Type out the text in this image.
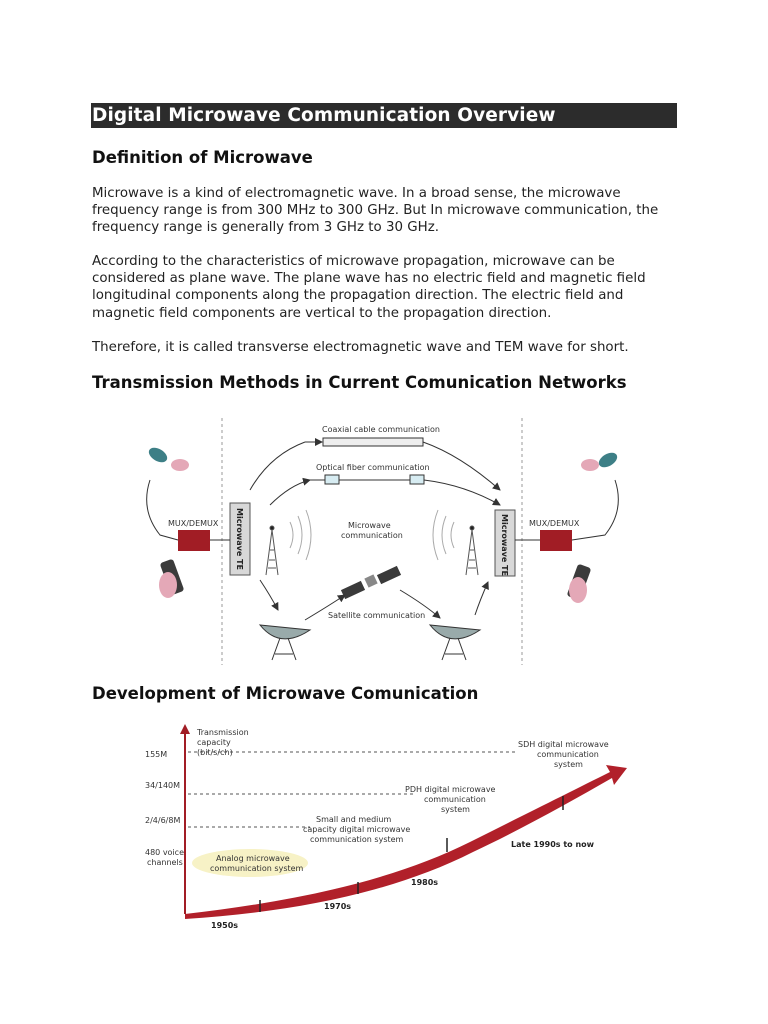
Digital Microwave Communication Overview
Definition of Microwave

Microwave is a kind of electromagnetic wave. In a broad sense, the microwave
frequency range is from 300 MHz to 300 GHz. But In microwave communication, the
frequency range is generally from 3 GHz to 30 GHz.

According to the characteristics of microwave propagation, microwave can be
considered as plane wave. The plane wave has no electric field and magnetic field
longitudinal components along the propagation direction. The electric field and
magnetic field components are vertical to the propagation direction.

Therefore, it is called transverse electromagnetic wave and TEM wave for short.

Transmission Methods in Current Comunication Networks
Coaxial cable communication
Optical fiber communication
Microwave
communication
Microwave TE	Microwave TE
MUX/DEMUX	MUX/DEMUX
Satellite communication
Development of Microwave Comunication
Transmission
capacity
(bit/s/ch)
155M
34/140M
2/4/6/8M
480 voice
channels	Analog microwave
communication system
Small and medium
capacity digital microwave
communication system
PDH digital microwave
communication
system
SDH digital microwave
communication
system
1950s
1970s
1980s
Late 1990s to now
